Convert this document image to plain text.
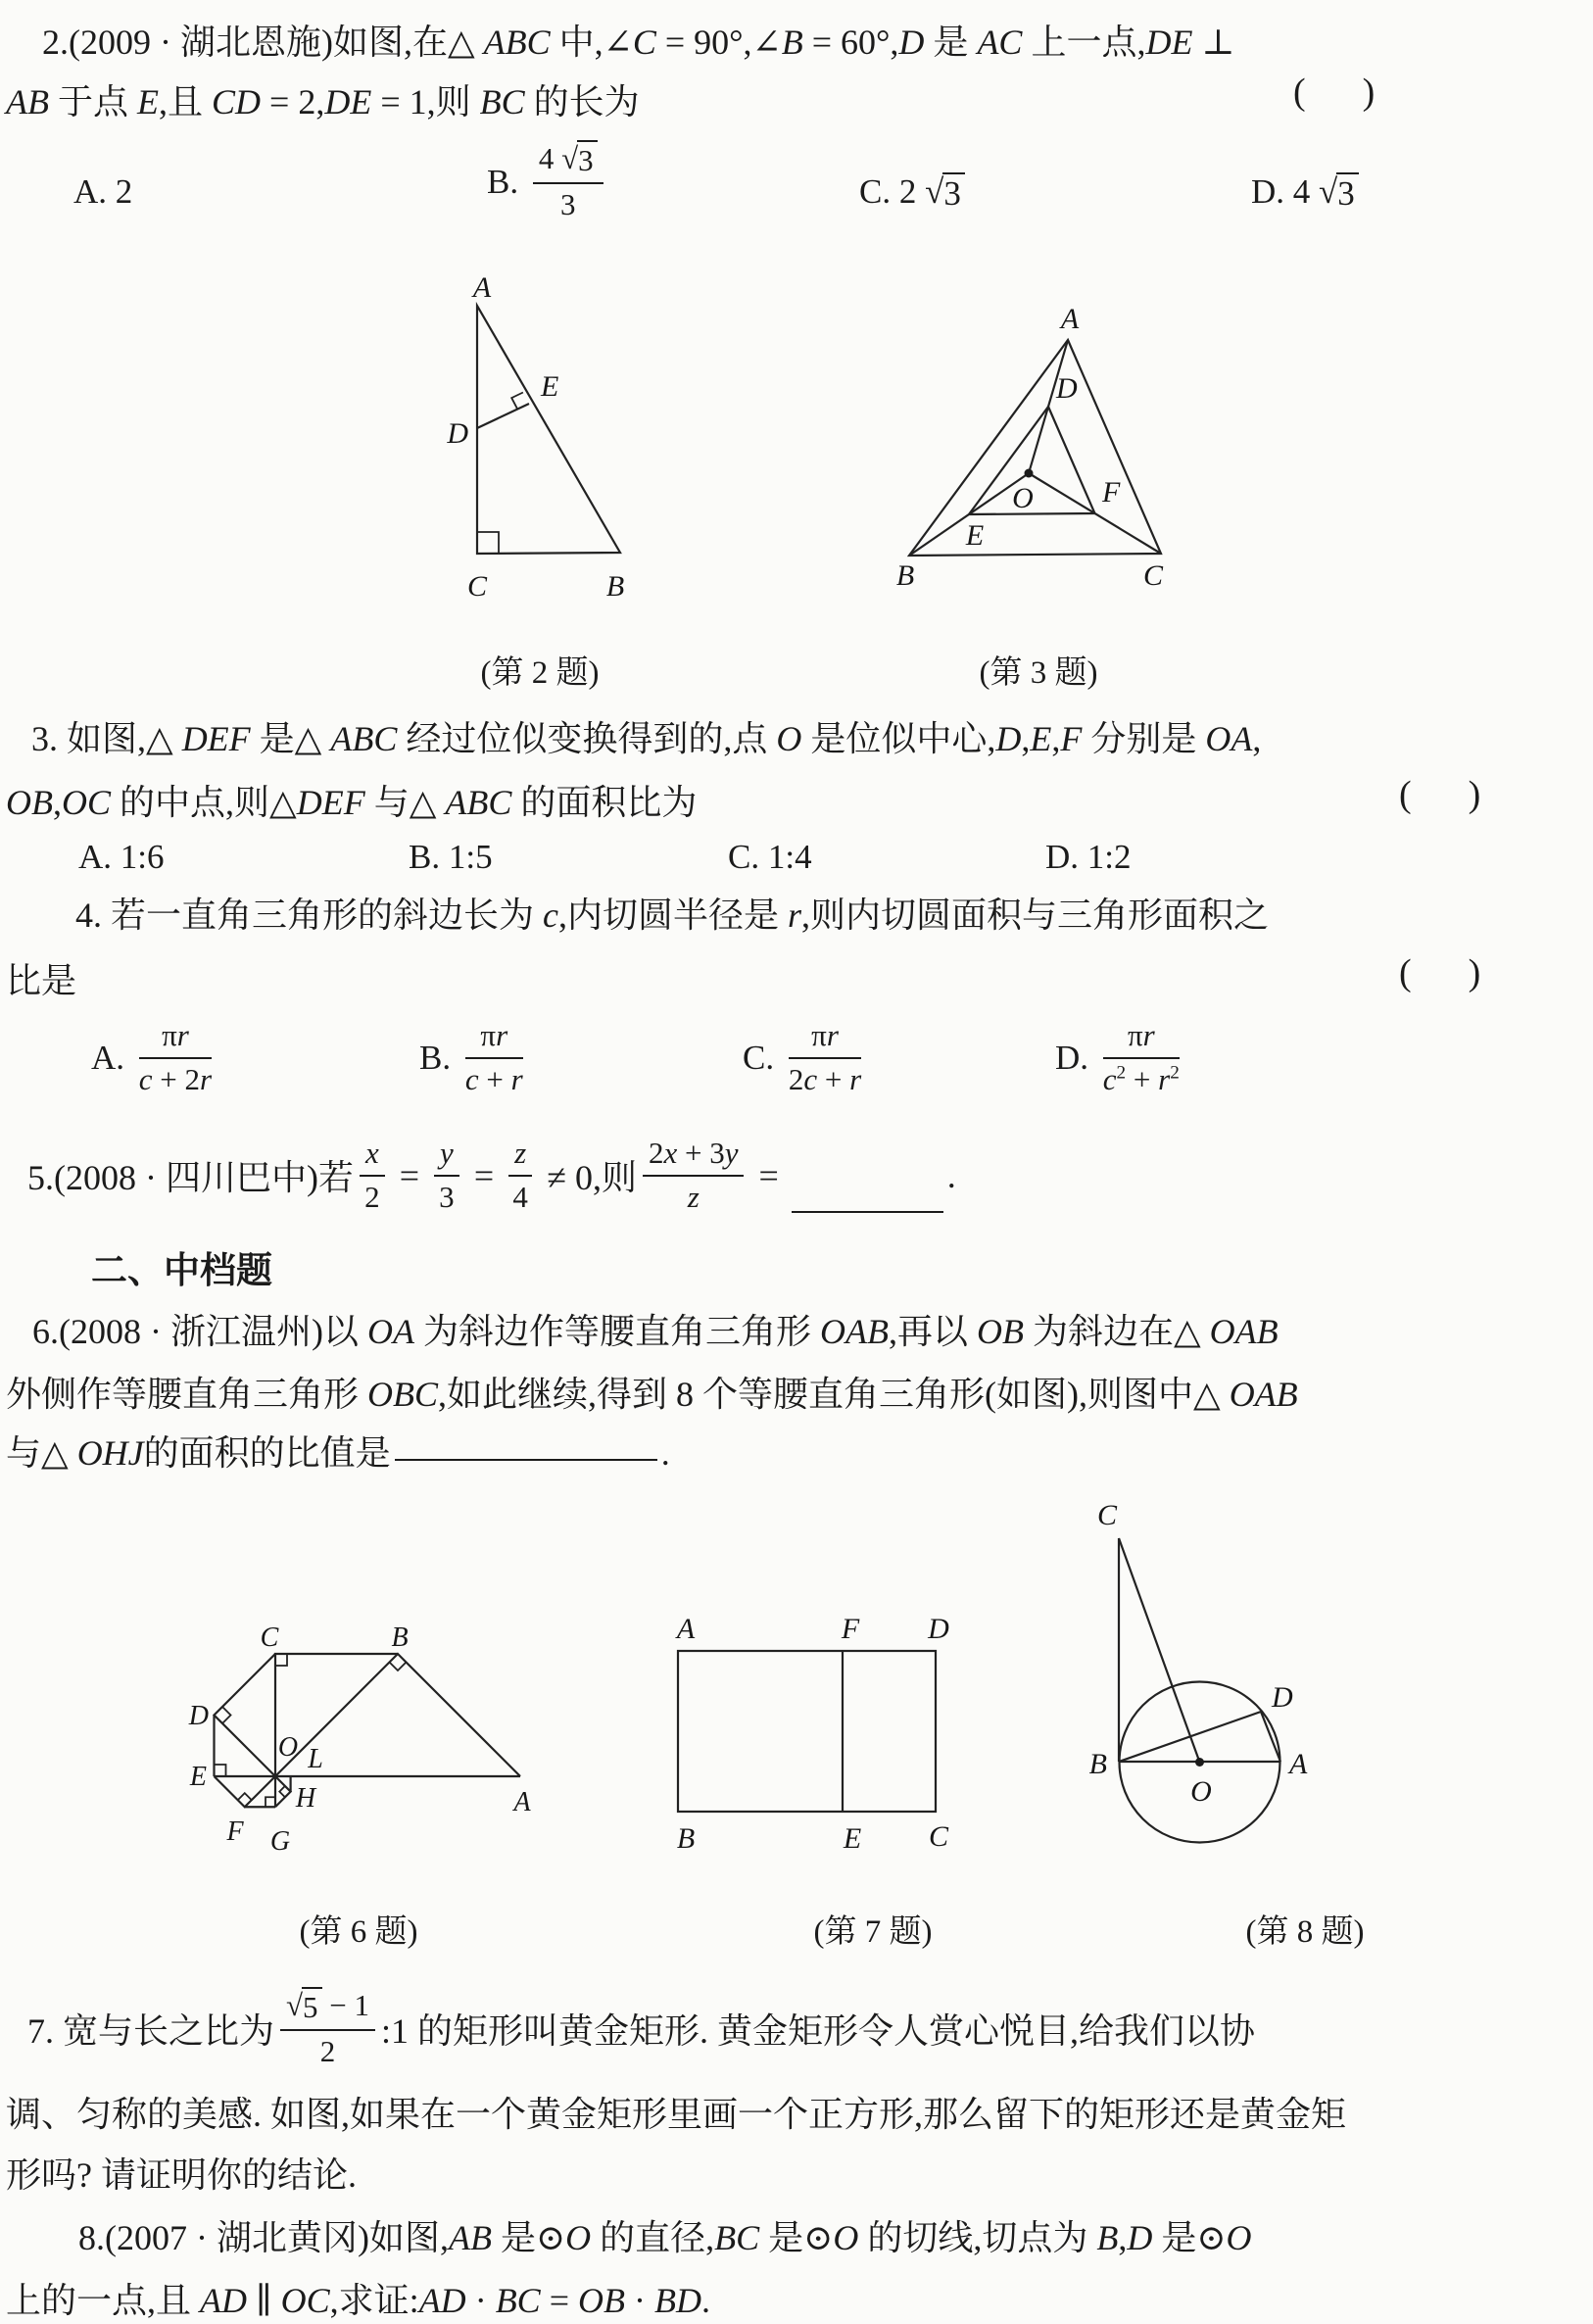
2.(2009 · 湖北恩施)如图,在△ ABC 中,∠C = 90°,∠B = 60°,D 是 AC 上一点,DE ⊥
AB 于点 E,且 CD = 2,DE = 1,则 BC 的长为	( )
A. 2	B. $\frac{4 √ 3}{3}$	C. 2 √ 3	D. 4 √ 3
A
E
D
C	B
A
D
O F
E
B	C
(第 2 题)	(第 3 题)
3. 如图,△ DEF 是△ ABC 经过位似变换得到的,点 O 是位似中心,D,E,F 分别是 OA,
OB,OC 的中点,则△DEF 与△ ABC 的面积比为	( )
A. 1:6	B. 1:5	C. 1:4	D. 1:2
4. 若一直角三角形的斜边长为 c,内切圆半径是 r,则内切圆面积与三角形面积之
比是	( )
A. $\frac{\pi r}{c + 2r}$	B. $\frac{\pi r}{c + r}$	C. $\frac{\pi r}{2c + r}$	D. $\frac{\pi r}{c^2 + r^2}$
5.(2008 · 四川巴中)若 $\frac{x}{2} = \frac{y}{3} = \frac{z}{4} \ne 0$,则 $\frac{2x + 3y}{z}$ =	.
二、中档题
6.(2008 · 浙江温州)以 OA 为斜边作等腰直角三角形 OAB,再以 OB 为斜边在△ OAB
外侧作等腰直角三角形 OBC,如此继续,得到 8 个等腰直角三角形(如图),则图中△ OAB
与△ OHJ的面积的比值是	.
C	B
D
E
O L
H
F G
A
A	F D
B	E C
C
B
O
D
A
(第 6 题)	(第 7 题)	(第 8 题)
7. 宽与长之比为 $\frac{√ 5 - 1}{2}$ :1 的矩形叫黄金矩形. 黄金矩形令人赏心悦目,给我们以协
调、匀称的美感. 如图,如果在一个黄金矩形里画一个正方形,那么留下的矩形还是黄金矩
形吗? 请证明你的结论.
8.(2007 · 湖北黄冈)如图,AB 是⊙O 的直径,BC 是⊙O 的切线,切点为 B,D 是⊙O
上的一点,且 AD ∥ OC,求证:AD · BC = OB · BD.
